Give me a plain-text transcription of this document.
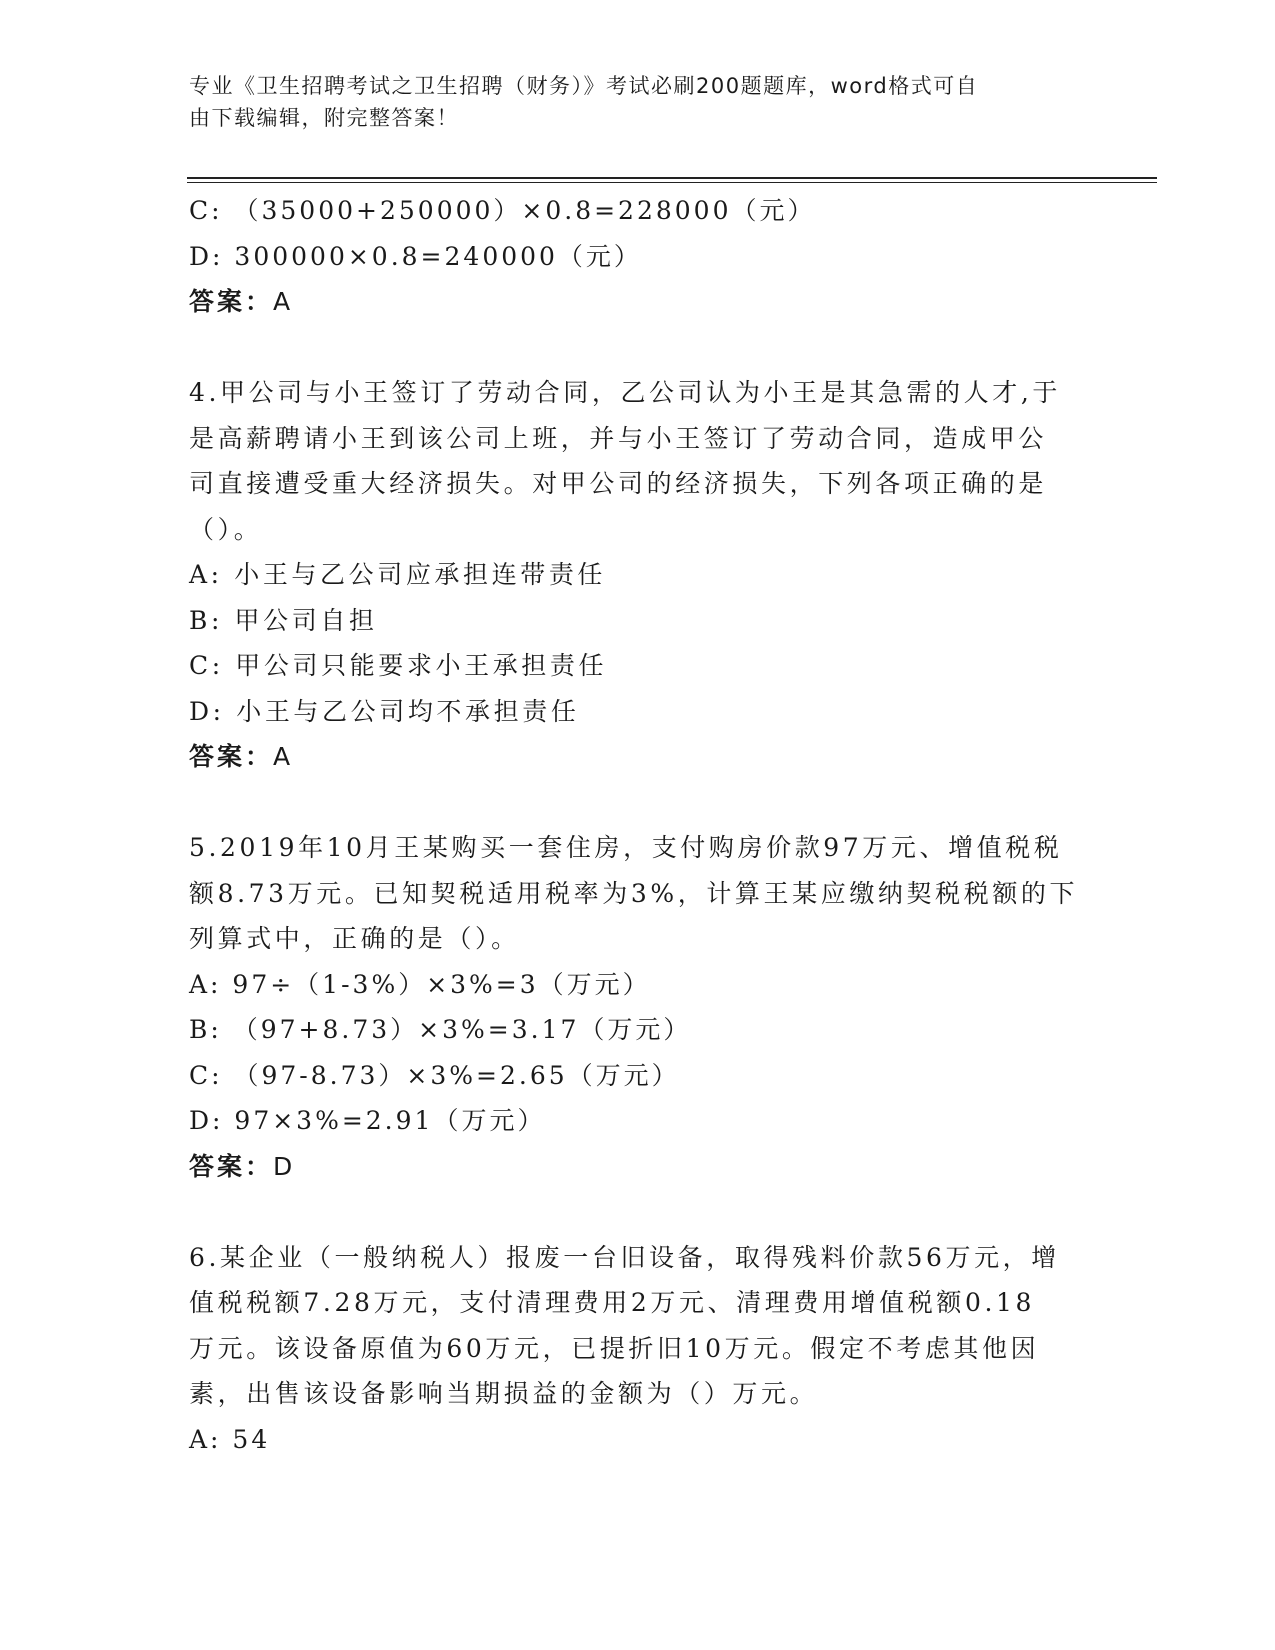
专业《卫生招聘考试之卫生招聘（财务）》考试必刷200题题库，word格式可自
由下载编辑，附完整答案！
C: （35000+250000）×0.8=228000（元）
D: 300000×0.8=240000（元）
答案：A
4.甲公司与小王签订了劳动合同，乙公司认为小王是其急需的人才,于
是高薪聘请小王到该公司上班，并与小王签订了劳动合同，造成甲公
司直接遭受重大经济损失。对甲公司的经济损失，下列各项正确的是
（）。
A: 小王与乙公司应承担连带责任
B: 甲公司自担
C: 甲公司只能要求小王承担责任
D: 小王与乙公司均不承担责任
答案：A
5.2019年10月王某购买一套住房，支付购房价款97万元、增值税税
额8.73万元。已知契税适用税率为3%，计算王某应缴纳契税税额的下
列算式中，正确的是（）。
A: 97÷（1-3%）×3%=3（万元）
B: （97+8.73）×3%=3.17（万元）
C: （97-8.73）×3%=2.65（万元）
D: 97×3%=2.91（万元）
答案：D
6.某企业（一般纳税人）报废一台旧设备，取得残料价款56万元，增
值税税额7.28万元，支付清理费用2万元、清理费用增值税额0.18
万元。该设备原值为60万元，已提折旧10万元。假定不考虑其他因
素，出售该设备影响当期损益的金额为（）万元。
A: 54
